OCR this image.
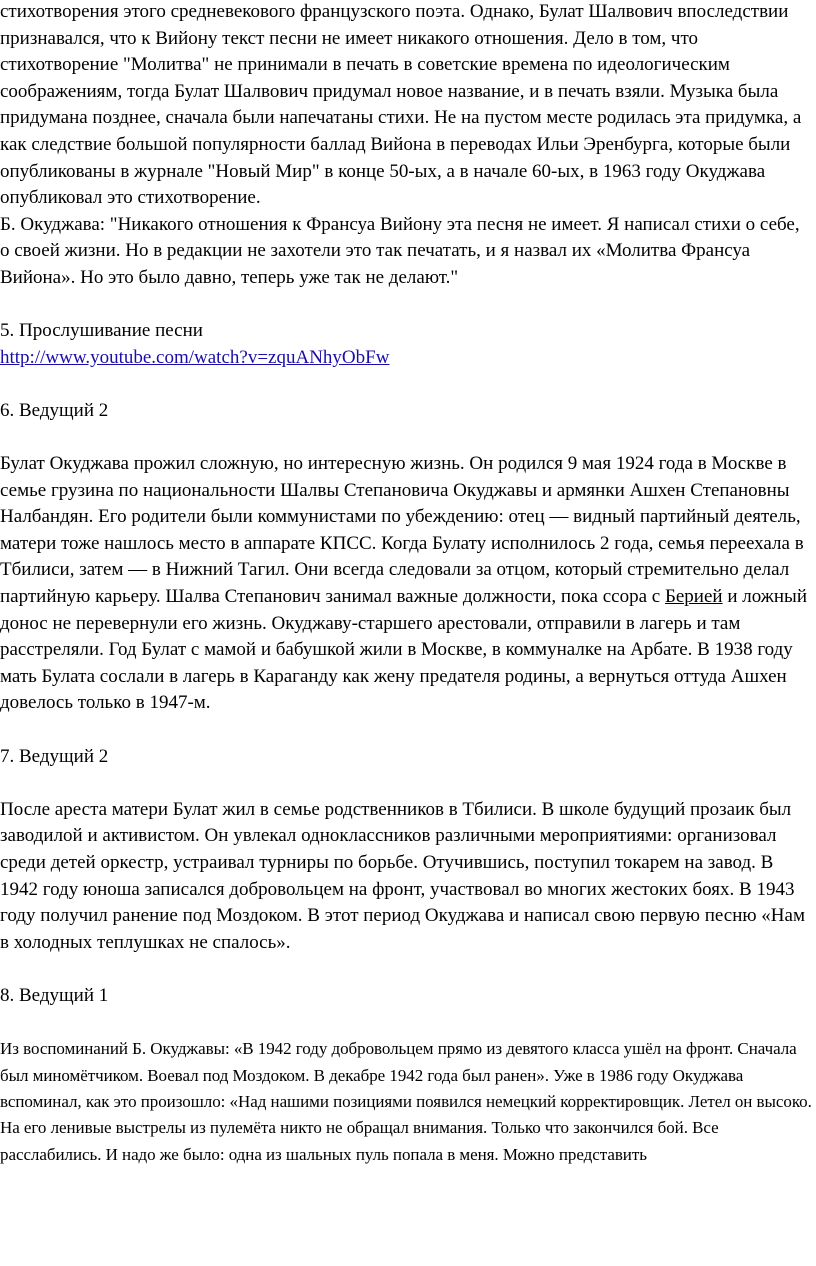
стихотворения этого средневекового французского поэта. Однако, Булат Шалвович впоследствии признавался, что к Вийону текст песни не имеет никакого отношения. Дело в том, что стихотворение "Молитва" не принимали в печать в советские времена по идеологическим соображениям, тогда Булат Шалвович придумал новое название, и в печать взяли. Музыка была придумана позднее, сначала были напечатаны стихи. Не на пустом месте родилась эта придумка, а как следствие большой популярности баллад Вийона в переводах Ильи Эренбурга, которые были опубликованы в журнале "Новый Мир" в конце 50-ых, а в начале 60-ых, в 1963 году Окуджава опубликовал это стихотворение.

Б. Окуджава: "Никакого отношения к Франсуа Вийону эта песня не имеет. Я написал стихи о себе, о своей жизни. Но в редакции не захотели это так печатать, и я назвал их «Молитва Франсуа Вийона». Но это было давно, теперь уже так не делают."

5. Прослушивание песни

http://www.youtube.com/watch?v=zquANhyObFw

6. Ведущий 2

Булат Окуджава прожил сложную, но интересную жизнь. Он родился 9 мая 1924 года в Москве в семье грузина по национальности Шалвы Степановича Окуджавы и армянки Ашхен Степановны Налбандян. Его родители были коммунистами по убеждению: отец — видный партийный деятель, матери тоже нашлось место в аппарате КПСС. Когда Булату исполнилось 2 года, семья переехала в Тбилиси, затем — в Нижний Тагил. Они всегда следовали за отцом, который стремительно делал партийную карьеру. Шалва Степанович занимал важные должности, пока ссора с Берией и ложный донос не перевернули его жизнь. Окуджаву-старшего арестовали, отправили в лагерь и там расстреляли. Год Булат с мамой и бабушкой жили в Москве, в коммуналке на Арбате. В 1938 году мать Булата сослали в лагерь в Караганду как жену предателя родины, а вернуться оттуда Ашхен довелось только в 1947-м.

7. Ведущий 2

После ареста матери Булат жил в семье родственников в Тбилиси. В школе будущий прозаик был заводилой и активистом. Он увлекал одноклассников различными мероприятиями: организовал среди детей оркестр, устраивал турниры по борьбе. Отучившись, поступил токарем на завод. В 1942 году юноша записался добровольцем на фронт, участвовал во многих жестоких боях. В 1943 году получил ранение под Моздоком. В этот период Окуджава и написал свою первую песню «Нам в холодных теплушках не спалось».

8. Ведущий 1

Из воспоминаний Б. Окуджавы: «В 1942 году добровольцем прямо из девятого класса ушёл на фронт. Сначала был миномётчиком. Воевал под Моздоком. В декабре 1942 года был ранен». Уже в 1986 году Окуджава вспоминал, как это произошло: «Над нашими позициями появился немецкий корректировщик. Летел он высоко. На его ленивые выстрелы из пулемёта никто не обращал внимания. Только что закончился бой. Все расслабились. И надо же было: одна из шальных пуль попала в меня. Можно представить
